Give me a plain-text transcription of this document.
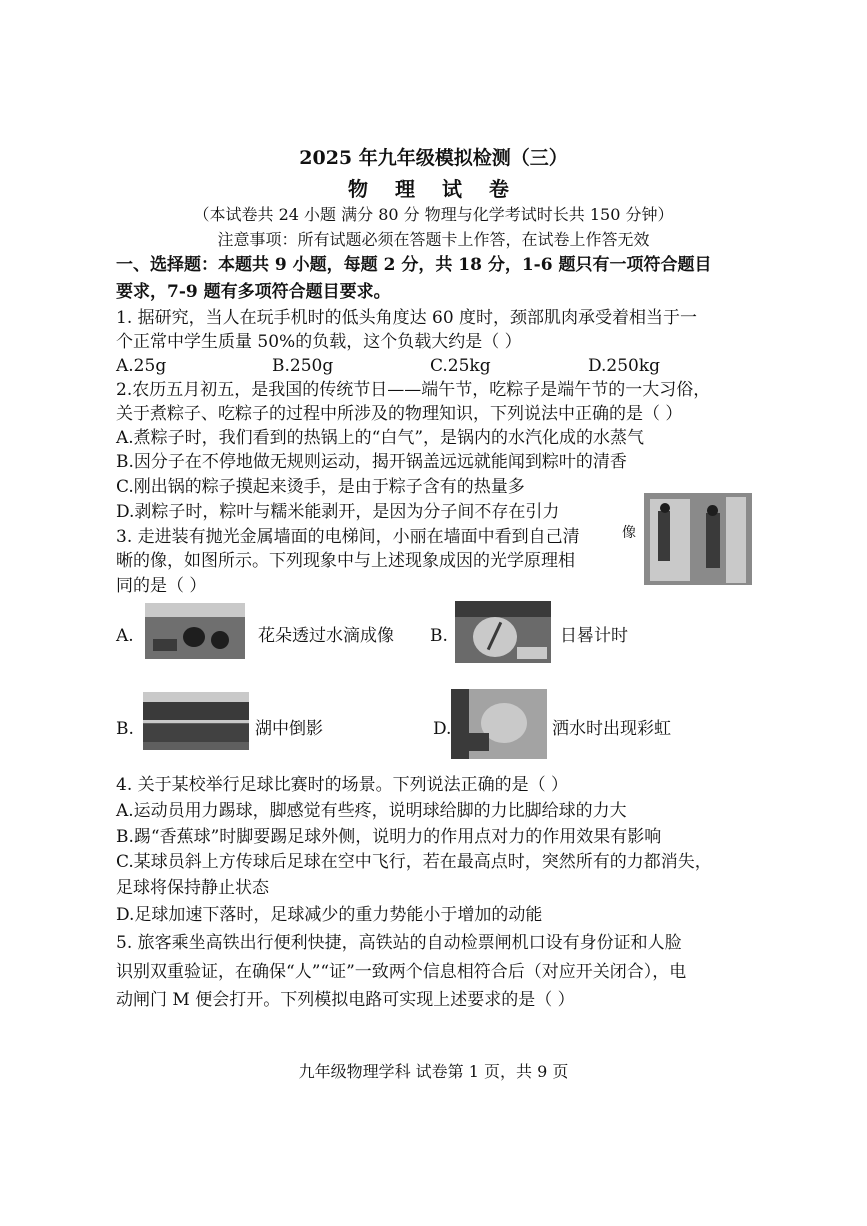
2025 年九年级模拟检测（三）
物 理 试 卷
（本试卷共 24 小题 满分 80 分 物理与化学考试时长共 150 分钟）
注意事项：所有试题必须在答题卡上作答，在试卷上作答无效
一、选择题：本题共 9 小题，每题 2 分，共 18 分，1-6 题只有一项符合题目
要求，7-9 题有多项符合题目要求。
1. 据研究，当人在玩手机时的低头角度达 60 度时，颈部肌肉承受着相当于一
个正常中学生质量 50%的负载，这个负载大约是（ ）
A.25g	B.250g	C.25kg	D.250kg
2.农历五月初五，是我国的传统节日——端午节，吃粽子是端午节的一大习俗，
关于煮粽子、吃粽子的过程中所涉及的物理知识，下列说法中正确的是（ ）
A.煮粽子时，我们看到的热锅上的“白气”，是锅内的水汽化成的水蒸气
B.因分子在不停地做无规则运动，揭开锅盖远远就能闻到粽叶的清香
C.刚出锅的粽子摸起来烫手，是由于粽子含有的热量多
D.剥粽子时，粽叶与糯米能剥开，是因为分子间不存在引力
3. 走进装有抛光金属墙面的电梯间，小丽在墙面中看到自己清
晰的像，如图所示。下列现象中与上述现象成因的光学原理相
同的是（ ）
像
A.	花朵透过水滴成像 B.	日晷计时
B.	湖中倒影	D.	洒水时出现彩虹
4. 关于某校举行足球比赛时的场景。下列说法正确的是（ ）
A.运动员用力踢球，脚感觉有些疼，说明球给脚的力比脚给球的力大
B.踢“香蕉球”时脚要踢足球外侧，说明力的作用点对力的作用效果有影响
C.某球员斜上方传球后足球在空中飞行，若在最高点时，突然所有的力都消失，
足球将保持静止状态
D.足球加速下落时，足球减少的重力势能小于增加的动能
5. 旅客乘坐高铁出行便利快捷，高铁站的自动检票闸机口设有身份证和人脸
识别双重验证，在确保“人”“证”一致两个信息相符合后（对应开关闭合），电
动闸门 M 便会打开。下列模拟电路可实现上述要求的是（ ）
九年级物理学科 试卷第 1 页，共 9 页
